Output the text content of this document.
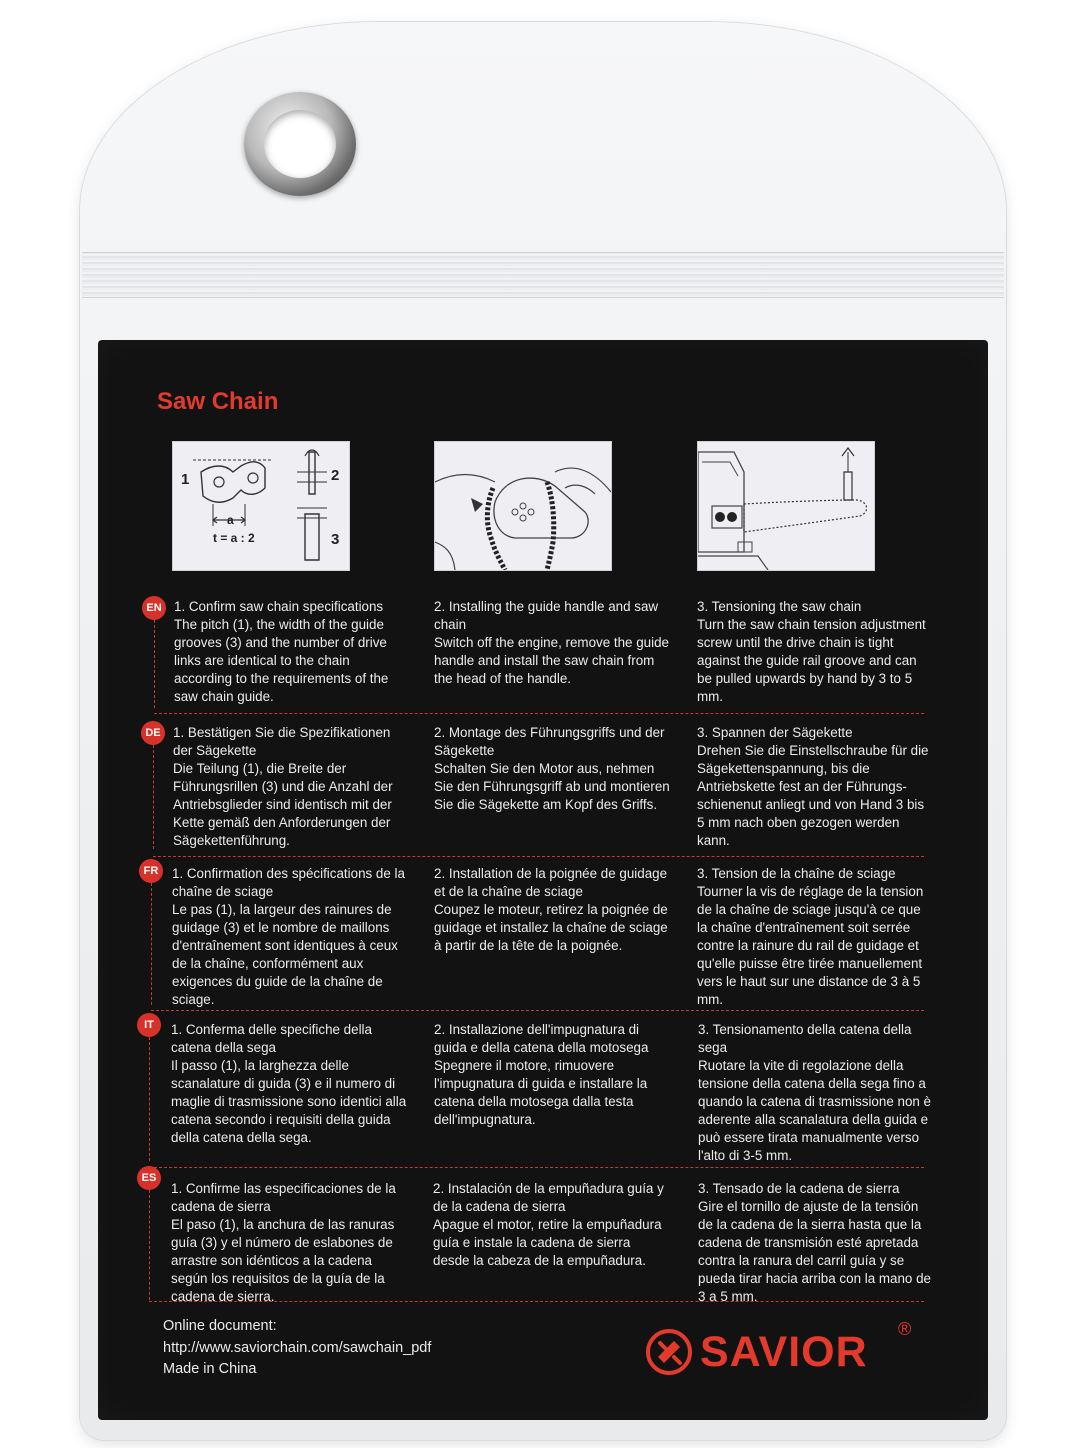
Saw Chain
1	2
3
a
t = a : 2
EN 1. Confirm saw chain specifications
The pitch (1), the width of the guide grooves (3) and the number of drive links are identical to the chain according to the requirements of the saw chain guide.
2. Installing the guide handle and saw chain
Switch off the engine, remove the guide handle and install the saw chain from the head of the handle.
3. Tensioning the saw chain
Turn the saw chain tension adjustment screw until the drive chain is tight against the guide rail groove and can be pulled upwards by hand by 3 to 5 mm.
DE 1. Bestätigen Sie die Spezifikationen der Sägekette
Die Teilung (1), die Breite der Führungsrillen (3) und die Anzahl der Antriebsglieder sind identisch mit der Kette gemäß den Anforderungen der Sägekettenführung.
2. Montage des Führungsgriffs und der Sägekette
Schalten Sie den Motor aus, nehmen Sie den Führungsgriff ab und montieren Sie die Sägekette am Kopf des Griffs.
3. Spannen der Sägekette
Drehen Sie die Einstellschraube für die Sägekettenspannung, bis die Antriebskette fest an der Führungs-schienenut anliegt und von Hand 3 bis 5 mm nach oben gezogen werden kann.
FR	1. Confirmation des spécifications de la chaîne de sciage
Le pas (1), la largeur des rainures de guidage (3) et le nombre de maillons d'entraînement sont identiques à ceux de la chaîne, conformément aux exigences du guide de la chaîne de sciage.
2. Installation de la poignée de guidage et de la chaîne de sciage
Coupez le moteur, retirez la poignée de guidage et installez la chaîne de sciage à partir de la tête de la poignée.
3. Tension de la chaîne de sciage
Tourner la vis de réglage de la tension de la chaîne de sciage jusqu'à ce que la chaîne d'entraînement soit serrée contre la rainure du rail de guidage et qu'elle puisse être tirée manuellement vers le haut sur une distance de 3 à 5 mm.
IT	1. Conferma delle specifiche della catena della sega
Il passo (1), la larghezza delle scanalature di guida (3) e il numero di maglie di trasmissione sono identici alla catena secondo i requisiti della guida della catena della sega.
2. Installazione dell'impugnatura di guida e della catena della motosega
Spegnere il motore, rimuovere l'impugnatura di guida e installare la catena della motosega dalla testa dell'impugnatura.
3. Tensionamento della catena della sega
Ruotare la vite di regolazione della tensione della catena della sega fino a quando la catena di trasmissione non è aderente alla scanalatura della guida e può essere tirata manualmente verso l'alto di 3-5 mm.
ES
1. Confirme las especificaciones de la cadena de sierra
El paso (1), la anchura de las ranuras guía (3) y el número de eslabones de arrastre son idénticos a la cadena según los requisitos de la guía de la cadena de sierra.
2. Instalación de la empuñadura guía y de la cadena de sierra
Apague el motor, retire la empuñadura guía e instale la cadena de sierra desde la cabeza de la empuñadura.
3. Tensado de la cadena de sierra
Gire el tornillo de ajuste de la tensión de la cadena de la sierra hasta que la cadena de transmisión esté apretada contra la ranura del carril guía y se pueda tirar hacia arriba con la mano de 3 a 5 mm.
Online document:
http://www.saviorchain.com/sawchain_pdf
Made in China	SAVIOR ®
